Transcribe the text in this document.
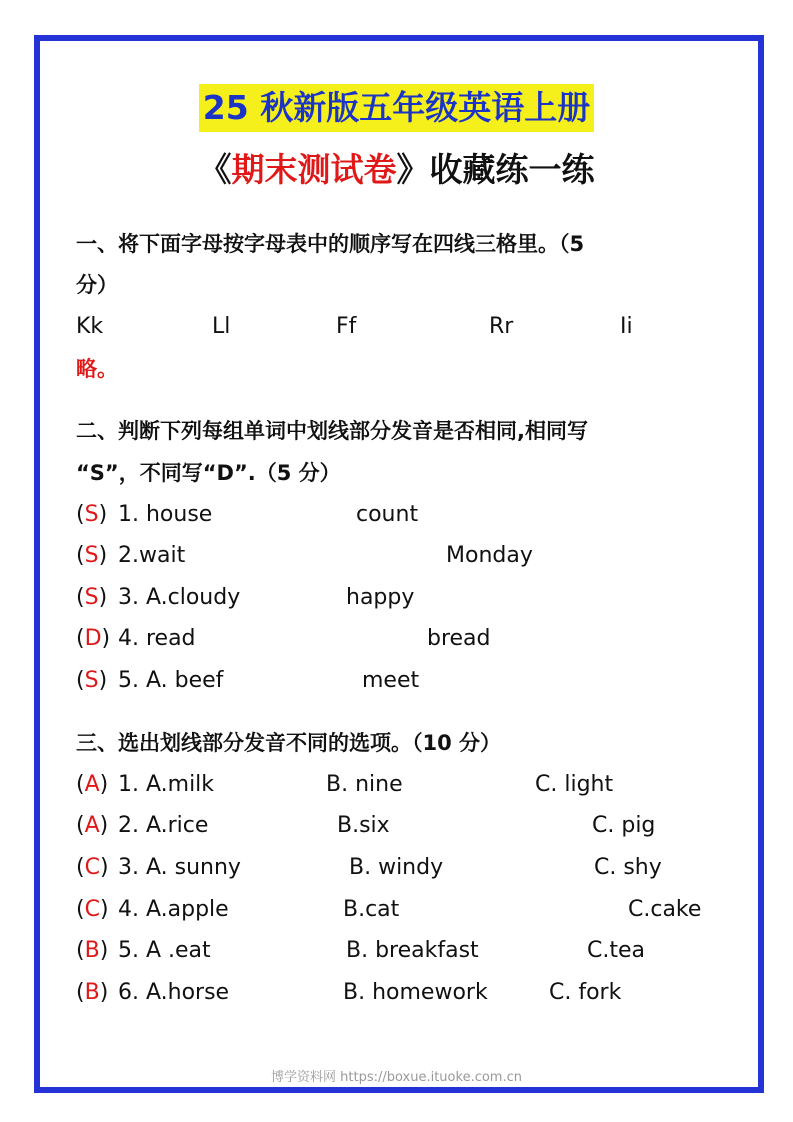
25 秋新版五年级英语上册
《期末测试卷》收藏练一练
一、将下面字母按字母表中的顺序写在四线三格里。（5
分）
Kk	Ll	Ff	Rr	Ii
略。
二、判断下列每组单词中划线部分发音是否相同,相同写
“S”，不同写“D”.（5 分）
(S) 1. house	count
(S) 2.wait	Monday
(S) 3. A.cloudy	happy
(D) 4. read	bread
(S) 5. A. beef	meet
三、选出划线部分发音不同的选项。（10 分）
(A) 1. A.milk	B. nine	C. light
(A) 2. A.rice	B.six	C. pig
(C) 3. A. sunny	B. windy	C. shy
(C) 4. A.apple	B.cat	C.cake
(B) 5. A .eat	B. breakfast	C.tea
(B) 6. A.horse	B. homework	C. fork
博学资料网 https://boxue.ituoke.com.cn
